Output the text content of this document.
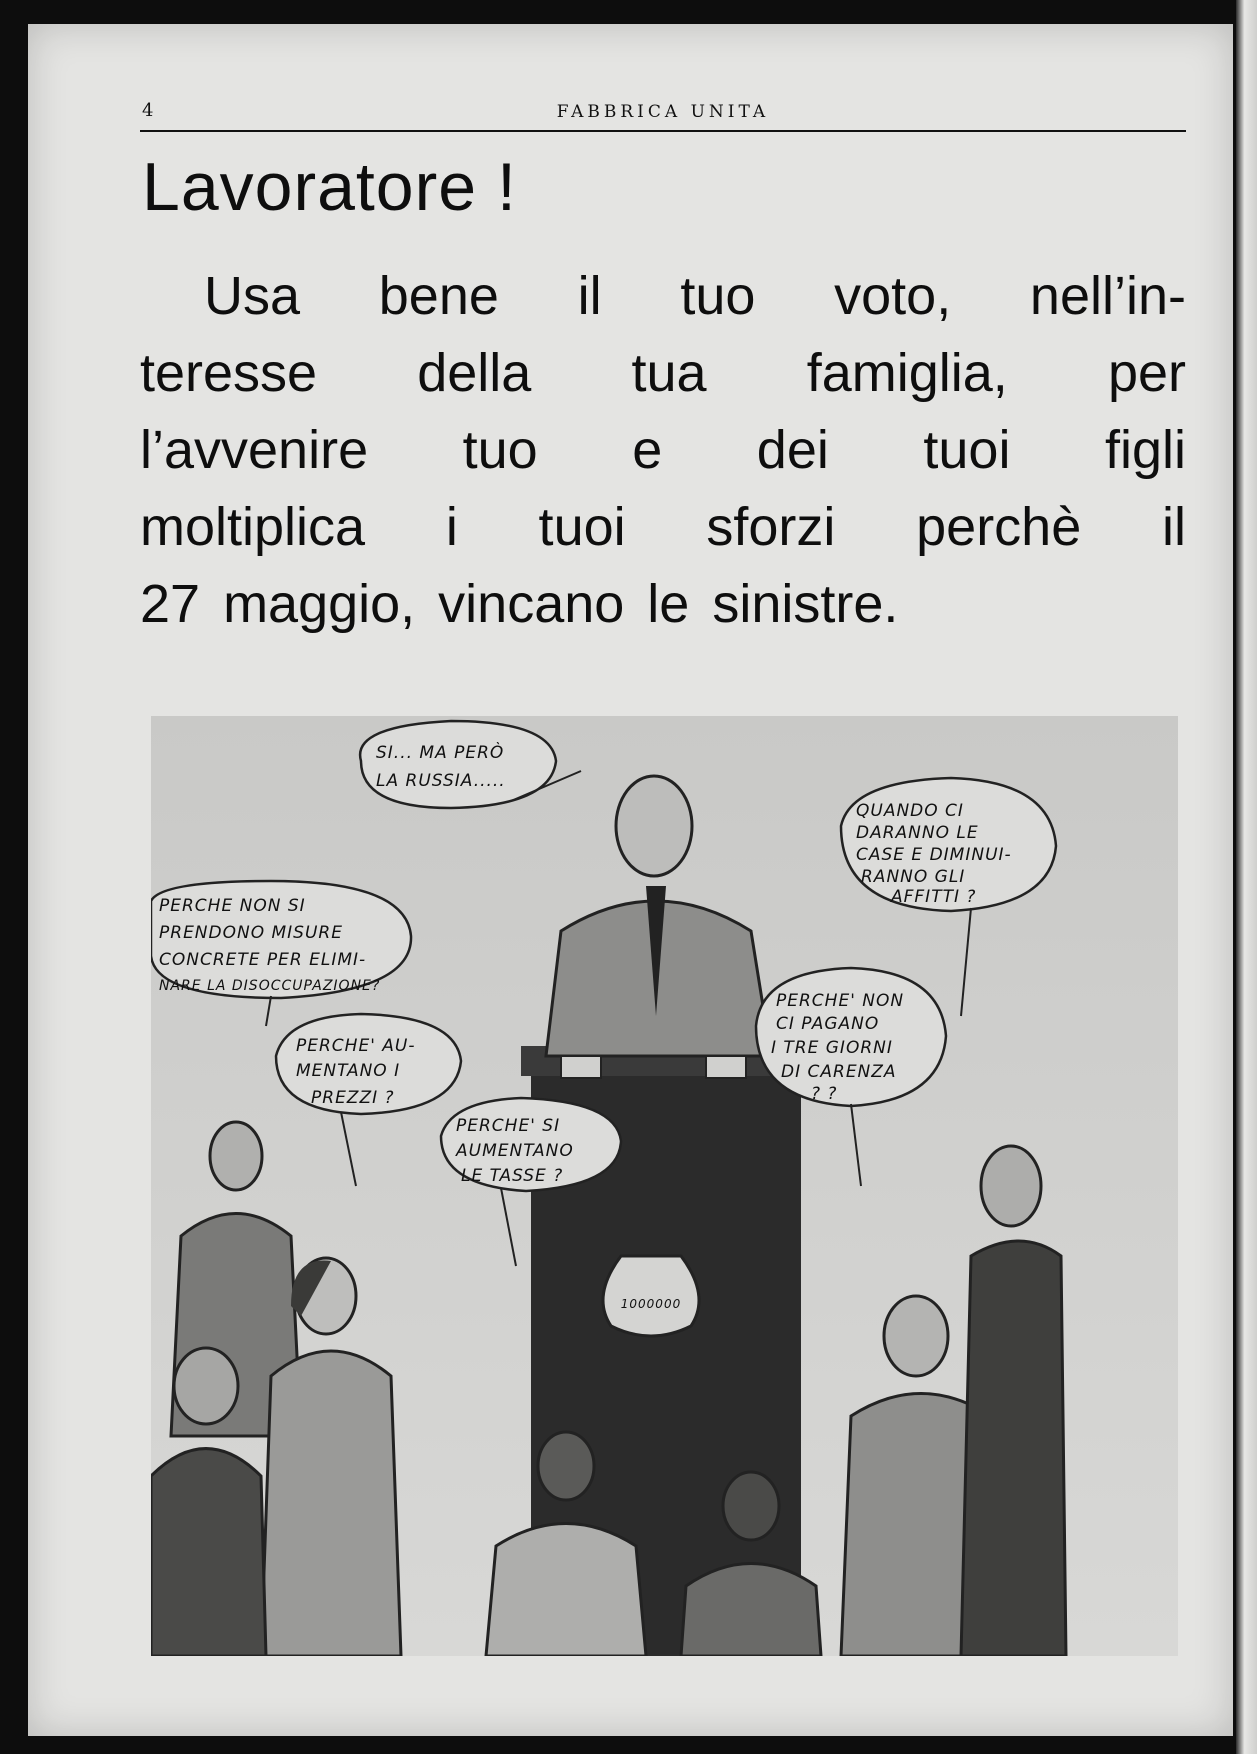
4	FABBRICA UNITA
Lavoratore !
Usa bene il tuo voto, nell’in-
teresse della tua famiglia, per
l’avvenire tuo e dei tuoi figli
moltiplica i tuoi sforzi perchè il
27 maggio, vincano le sinistre.
1000000
SI... MA PERÒ
LA RUSSIA.....
PERCHE NON SI
PRENDONO MISURE
CONCRETE PER ELIMI-
NARE LA DISOCCUPAZIONE?
PERCHE' AU-
MENTANO I
PREZZI ?
PERCHE' SI
AUMENTANO
LE TASSE ?
QUANDO CI
DARANNO LE
CASE E DIMINUI-
RANNO GLI
AFFITTI ?
PERCHE' NON
CI PAGANO
I TRE GIORNI
DI CARENZA
? ?
